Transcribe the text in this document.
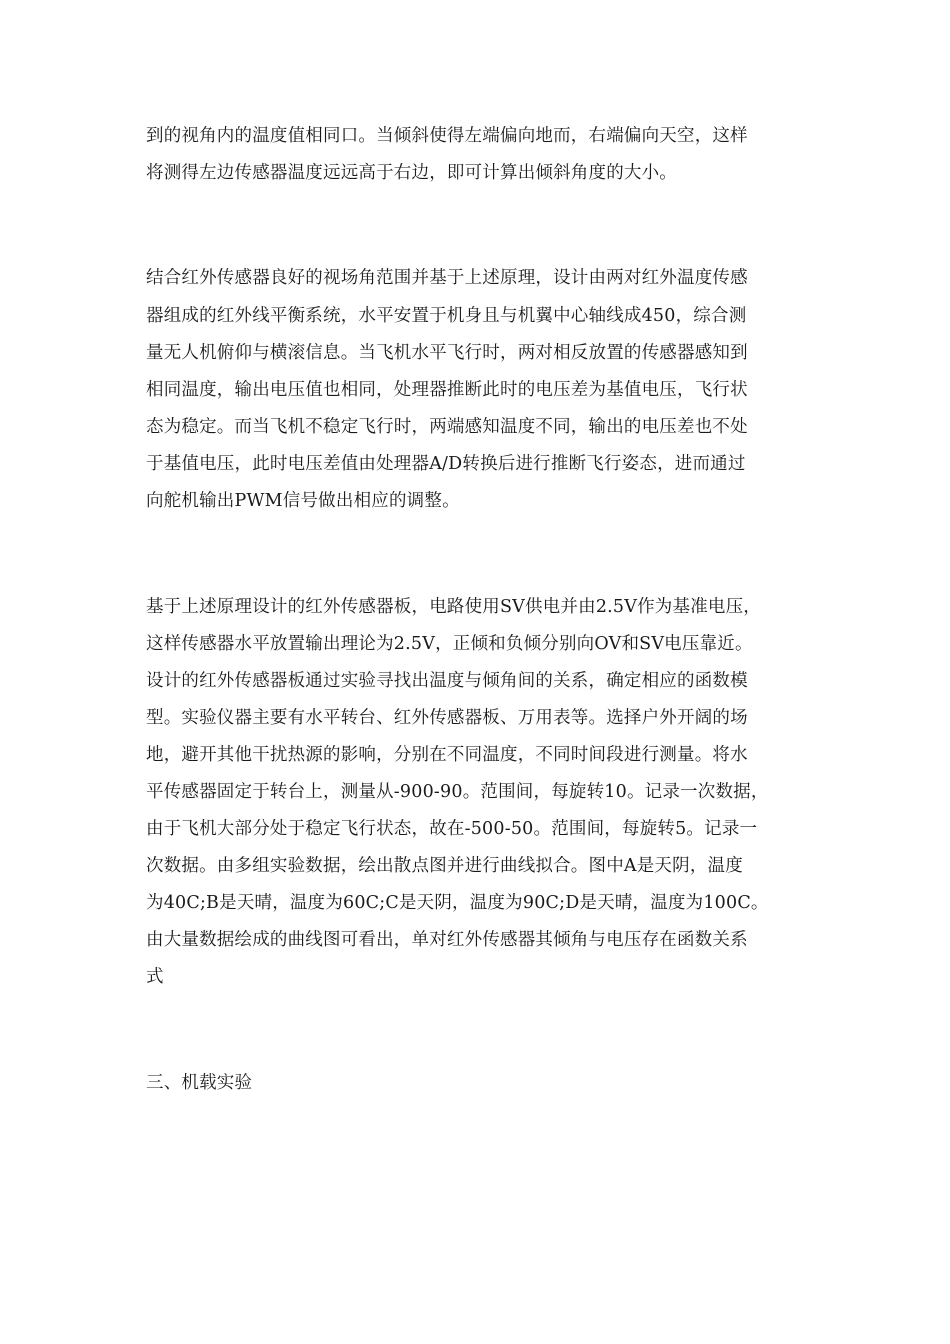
到的视角内的温度值相同口。当倾斜使得左端偏向地而，右端偏向天空，这样
将测得左边传感器温度远远高于右边，即可计算出倾斜角度的大小。
结合红外传感器良好的视场角范围并基于上述原理，设计由两对红外温度传感
器组成的红外线平衡系统，水平安置于机身且与机翼中心轴线成450，综合测
量无人机俯仰与横滚信息。当飞机水平飞行时，两对相反放置的传感器感知到
相同温度，输出电压值也相同，处理器推断此时的电压差为基值电压，飞行状
态为稳定。而当飞机不稳定飞行时，两端感知温度不同，输出的电压差也不处
于基值电压，此时电压差值由处理器A/D转换后进行推断飞行姿态，进而通过
向舵机输出PWM信号做出相应的调整。
基于上述原理设计的红外传感器板，电路使用SV供电并由2.5V作为基准电压，
这样传感器水平放置输出理论为2.5V，正倾和负倾分别向OV和SV电压靠近。
设计的红外传感器板通过实验寻找出温度与倾角间的关系，确定相应的函数模
型。实验仪器主要有水平转台、红外传感器板、万用表等。选择户外开阔的场
地，避开其他干扰热源的影响，分别在不同温度，不同时间段进行测量。将水
平传感器固定于转台上，测量从-900-90。范围间，每旋转10。记录一次数据，
由于飞机大部分处于稳定飞行状态，故在-500-50。范围间，每旋转5。记录一
次数据。由多组实验数据，绘出散点图并进行曲线拟合。图中A是天阴，温度
为40C;B是天晴，温度为60C;C是天阴，温度为90C;D是天晴，温度为100C。
由大量数据绘成的曲线图可看出，单对红外传感器其倾角与电压存在函数关系
式
三、机载实验
